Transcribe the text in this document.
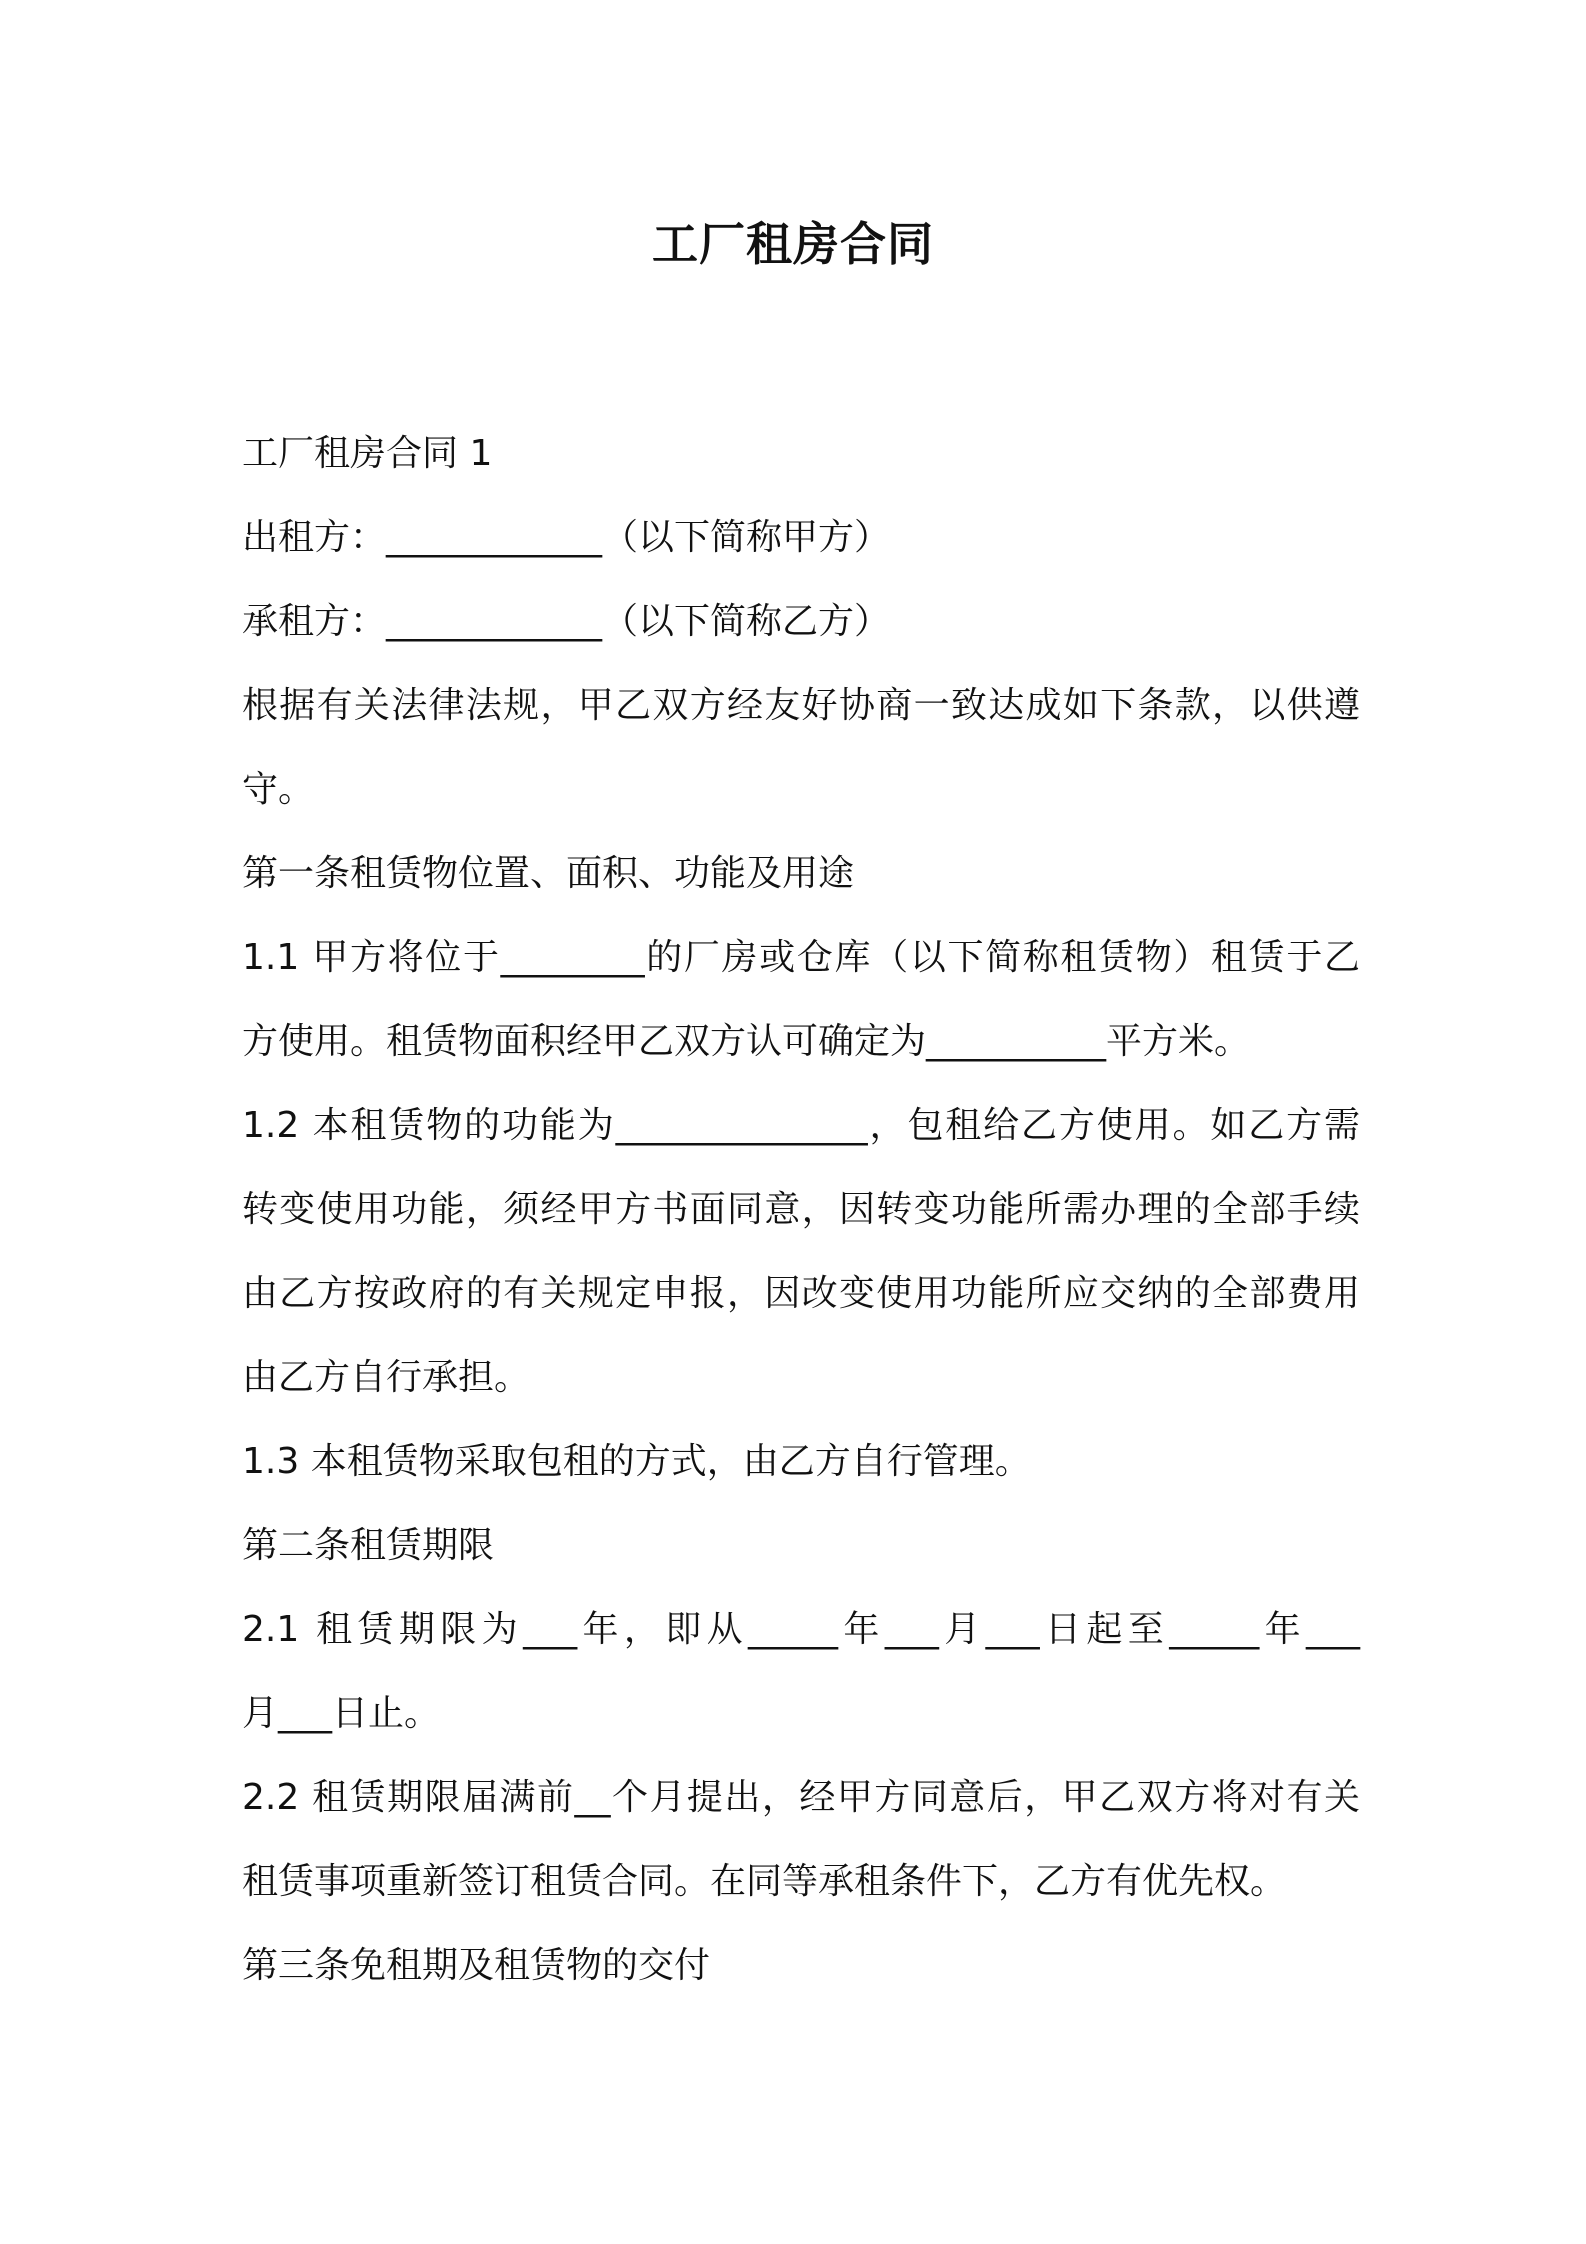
工厂租房合同

工厂租房合同 1

出租方：____________（以下简称甲方）

承租方：____________（以下简称乙方）

根据有关法律法规，甲乙双方经友好协商一致达成如下条款，以供遵

守。

第一条租赁物位置、面积、功能及用途

1.1 甲方将位于________的厂房或仓库（以下简称租赁物）租赁于乙

方使用。租赁物面积经甲乙双方认可确定为__________平方米。

1.2 本租赁物的功能为______________，包租给乙方使用。如乙方需

转变使用功能，须经甲方书面同意，因转变功能所需办理的全部手续

由乙方按政府的有关规定申报，因改变使用功能所应交纳的全部费用

由乙方自行承担。

1.3 本租赁物采取包租的方式，由乙方自行管理。

第二条租赁期限

2.1 租赁期限为___年，即从_____年___月___日起至_____年___

月___日止。

2.2 租赁期限届满前__个月提出，经甲方同意后，甲乙双方将对有关

租赁事项重新签订租赁合同。在同等承租条件下，乙方有优先权。

第三条免租期及租赁物的交付
